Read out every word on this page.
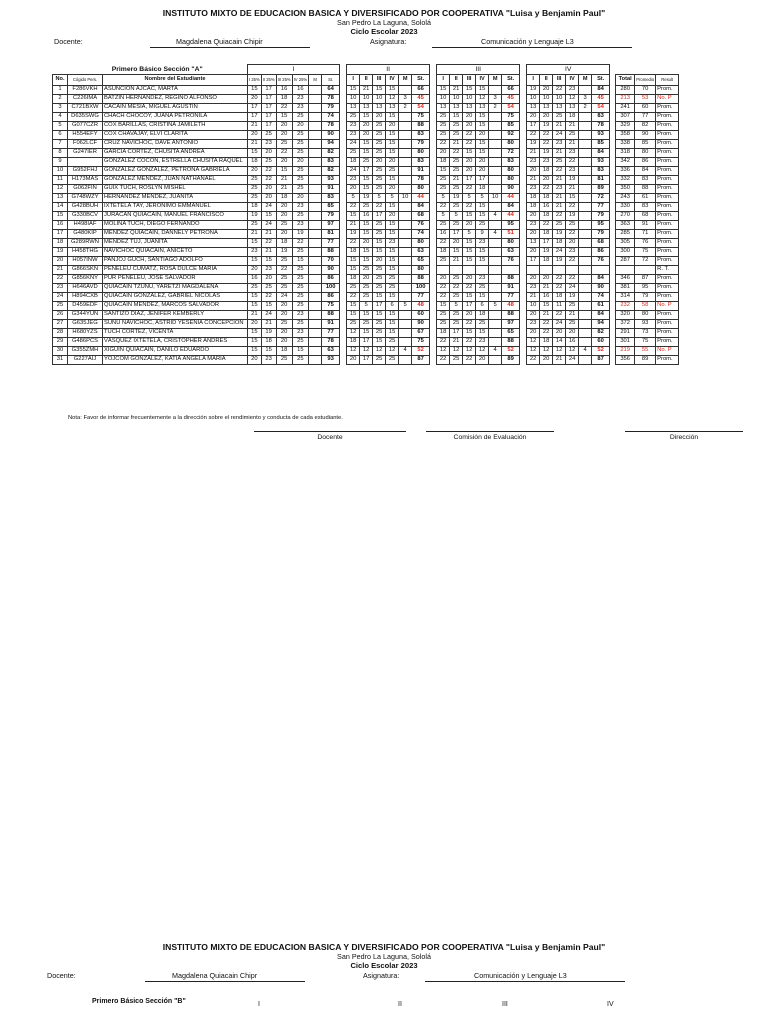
INSTITUTO MIXTO DE EDUCACION BASICA Y DIVERSIFICADO POR COOPERATIVA "Luisa y Benjamin Paul"
San Pedro La Laguna, Sololá
Ciclo Escolar 2023
Docente:	Magdalena Quiacain Chipir	Asignatura:	Comunicación y Lenguaje L3
	Primero Básico Sección "A"		I							II							III							IV									
No.	Cógido Pers.	Nombre del Estudiante	I 25%	II 25%	III 25%	IV 25%	M	St.		I	II	III	IV	M	St.		I	II	III	IV	M	St.		I	II	III	IV	M	St.		Total	Promedio	Result
1	F286VKH	ASUNCIÓN AJCAC, MARTA	15	17	16	16		64		15	21	15	15		66		15	21	15	15		66		19	20	22	23		84		280	70	Prom.
2	C226IMA	BATZÍN HERNÁNDEZ, REGINO ALFONSO	20	17	18	23		78		10	10	10	12	3	45		10	10	10	12	3	45		10	10	10	12	3	45		213	53	No. P
3	C721BXW	CACAIN MESÍA, MIGUEL AGUSTÍN	17	17	22	23		79		13	13	13	13	2	54		13	13	13	13	2	54		13	13	13	13	2	54		241	60	Prom.
4	D635SWG	CHACH CHOCOY, JUANA PETRONILA	17	17	15	25		74		25	15	20	15		75		25	15	20	15		75		20	20	25	18		83		307	77	Prom.
5	G077CZR	COX BARILLAS, CRISTINA JAMILETH	21	17	20	20		78		23	20	25	20		88		25	25	20	15		85		17	19	21	21		78		329	82	Prom.
6	H554EFY	COX CHAVAJAY, ELVI CLARITA	20	25	20	25		90		23	20	25	15		83		25	25	22	20		92		22	22	24	25		93		358	90	Prom.
7	F062LCF	CRUZ NAVICHOC, DAVE ANTONIO	21	23	25	25		94		24	15	25	15		79		22	21	22	15		80		19	22	23	21		85		338	85	Prom.
8	G247IER	GARCÍA CORTEZ, CHUSITA ANDREA	15	20	22	25		82		25	15	25	15		80		20	22	15	15		72		21	19	21	23		84		318	80	Prom.
9		GONZÁLEZ COCON, ESTRELLA CHUSITA RAQUEL	18	25	20	20		83		18	25	20	20		83		18	25	20	20		83		23	23	25	22		93		342	86	Prom.
10	G952FHJ	GONZALEZ GONZÁLEZ, PETRONA GABRIELA	20	22	15	25		82		24	17	25	25		91		15	25	20	20		80		20	18	22	23		83		336	84	Prom.
11	H173MAS	GONZÁLEZ MÉNDEZ, JUAN NATHANAEL	25	22	21	25		93		23	15	25	15		78		25	21	17	17		80		21	20	21	19		81		332	83	Prom.
12	G062FIN	GUIX TUCH, ROSLYN MISHEL	25	20	21	25		91		20	15	25	20		80		25	25	22	18		90		23	22	23	21		89		350	88	Prom.
13	G748WZY	HERNÁNDEZ MÉNDEZ, JUANITA	25	20	18	20		83		5	19	5	5	10	44		5	19	5	5	10	44		18	18	21	15		72		243	61	Prom.
14	G428BUH	IXTETELÁ TAY, JERÓNIMO EMMANUEL	18	24	20	23		85		22	25	22	15		84		22	25	22	15		84		18	16	21	22		77		330	83	Prom.
15	G330BCV	JURACÁN QUIACAIN, MANUEL FRANCISCO	19	15	20	25		79		15	16	17	20		68		5	5	15	15	4	44		20	18	22	19		79		270	68	Prom.
16	H498IAF	MOLINA TUCH, DIEGO FERNANDO	25	24	25	23		97		21	15	25	15		76		25	25	20	25		95		23	22	25	25		95		363	91	Prom.
17	G480KIP	MÉNDEZ QUIACAÍN, DÁNNELY PETRONA	21	21	20	19		81		19	15	25	15		74		16	17	5	9	4	51		20	18	19	22		79		285	71	Prom.
18	G289RWN	MÉNDEZ TUJ, JUANITA	15	22	18	22		77		22	20	15	23		80		22	20	15	23		80		13	17	18	20		68		305	76	Prom.
19	H458THG	NAVICHOC QUIACAÍN, ANICETO	23	21	19	25		88		18	15	15	15		63		18	15	15	15		63		20	19	24	23		86		300	75	Prom.
20	H057INW	PANJOJ GUCH, SANTIAGO ADOLFO	15	15	25	15		70		15	15	20	15		65		25	21	15	15		76		17	18	19	22		76		287	72	Prom.
21	G866SKN	PENELEU CUMATZ, ROSA DULCE MARIA	20	23	22	25		90		15	25	25	15		80																		R. T.
22	G856KNY	PUR PENELEU, JOSÉ SALVADOR	16	20	25	25		86		18	20	25	25		88		20	25	20	23		88		20	20	22	22		84		346	87	Prom.
23	H646AVD	QUIACAIN TZUNÚ, YARETZI MAGDALENA	25	25	25	25		100		25	25	25	25		100		22	22	22	25		91		23	21	22	24		90		381	95	Prom.
24	H894CXB	QUIACAÍN GONZÁLEZ, GABRIEL NICOLAS	15	22	24	25		86		22	25	15	15		77		22	25	15	15		77		21	16	18	19		74		314	79	Prom.
25	D459EDF	QUIACAÍN MÉNDEZ, MARCOS SALVADOR	15	15	20	25		75		15	5	17	6	5	48		15	5	17	6	5	48		10	15	11	25		61		232	58	No. P
26	G344YUN	SANTIZO DÍAZ, JENIFER KEMBERLY	21	24	20	23		88		15	15	15	15		60		25	25	20	18		88		20	21	22	21		84		320	80	Prom.
27	G635JEG	SUNÚ NAVICHOC, ASTRID YESENIA CONCEPCIÓN	20	21	25	25		91		25	25	25	15		90		25	25	22	25		97		23	22	24	25		94		372	93	Prom.
28	H680YZS	TUCH CORTEZ, VICENTA	15	19	20	23		77		12	15	25	15		67		18	17	15	15		65		20	22	20	20		82		291	73	Prom.
29	G486PCS	VÁSQUEZ IXTETELÁ, CRISTOPHER ANDRES	15	18	20	25		78		18	17	15	25		75		22	21	22	23		88		12	18	14	16		60		301	75	Prom.
30	G355ZMH	XIGUÍN QUIACAÍN, DANILO EDUARDO	15	15	18	15		63		12	12	12	12	4	52		12	12	12	12	4	52		12	12	12	12	4	52		219	55	No. P
31	G227AIJ	YOJCOM GONZÁLEZ, KATIA ÁNGELA MARÍA	20	23	25	25		93		20	17	25	25		87		22	25	22	20		89		22	20	21	24		87		356	89	Prom.
Nota: Favor de informar frecuentemente a la dirección sobre el rendimiento y conducta de cada estudiante.
Docente	Comisión de Evaluación	Dirección
INSTITUTO MIXTO DE EDUCACION BASICA Y DIVERSIFICADO POR COOPERATIVA "Luisa y Benjamin Paul"
San Pedro La Laguna, Sololá
Ciclo Escolar 2023
Docente:	Magdalena Quiacain Chipr	Asignatura:	Comunicación y Lenguaje L3
Primero Básico Sección "B"	I	II	III	IV
